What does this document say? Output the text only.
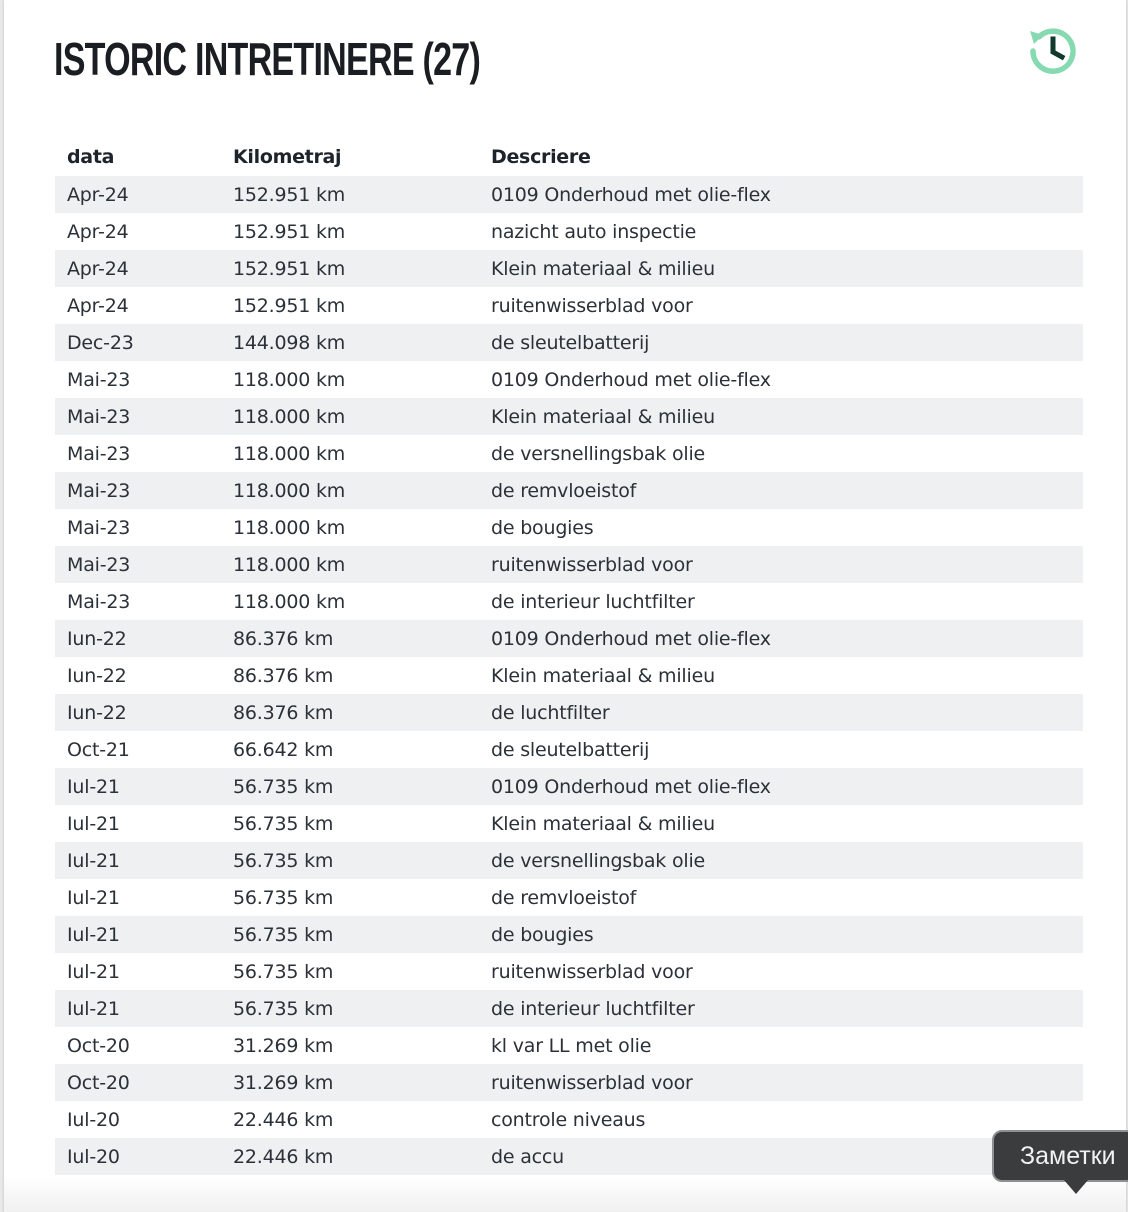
ISTORIC INTRETINERE (27)
data	Kilometraj	Descriere
Apr-24	152.951 km	0109 Onderhoud met olie-flex
Apr-24	152.951 km	nazicht auto inspectie
Apr-24	152.951 km	Klein materiaal & milieu
Apr-24	152.951 km	ruitenwisserblad voor
Dec-23	144.098 km	de sleutelbatterij
Mai-23	118.000 km	0109 Onderhoud met olie-flex
Mai-23	118.000 km	Klein materiaal & milieu
Mai-23	118.000 km	de versnellingsbak olie
Mai-23	118.000 km	de remvloeistof
Mai-23	118.000 km	de bougies
Mai-23	118.000 km	ruitenwisserblad voor
Mai-23	118.000 km	de interieur luchtfilter
Iun-22	86.376 km	0109 Onderhoud met olie-flex
Iun-22	86.376 km	Klein materiaal & milieu
Iun-22	86.376 km	de luchtfilter
Oct-21	66.642 km	de sleutelbatterij
Iul-21	56.735 km	0109 Onderhoud met olie-flex
Iul-21	56.735 km	Klein materiaal & milieu
Iul-21	56.735 km	de versnellingsbak olie
Iul-21	56.735 km	de remvloeistof
Iul-21	56.735 km	de bougies
Iul-21	56.735 km	ruitenwisserblad voor
Iul-21	56.735 km	de interieur luchtfilter
Oct-20	31.269 km	kl var LL met olie
Oct-20	31.269 km	ruitenwisserblad voor
Iul-20	22.446 km	controle niveaus
Iul-20	22.446 km	de accu	Заметки
